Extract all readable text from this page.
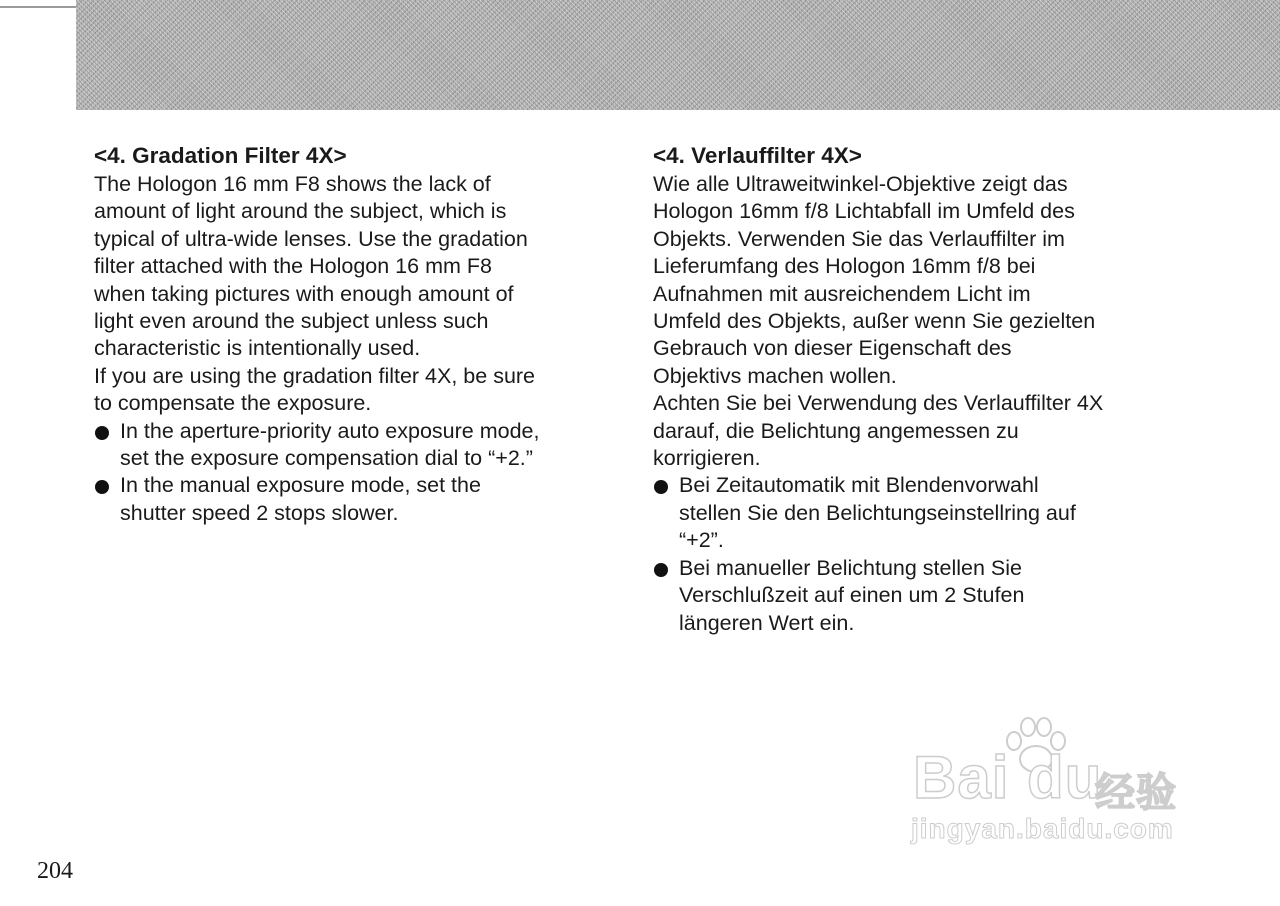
<4. Gradation Filter 4X>
The Hologon 16 mm F8 shows the lack of
amount of light around the subject, which is
typical of ultra-wide lenses. Use the gradation
filter attached with the Hologon 16 mm F8
when taking pictures with enough amount of
light even around the subject unless such
characteristic is intentionally used.
If you are using the gradation filter 4X, be sure
to compensate the exposure.
In the aperture-priority auto exposure mode,
set the exposure compensation dial to “+2.”
In the manual exposure mode, set the
shutter speed 2 stops slower.
<4. Verlauffilter 4X>
Wie alle Ultraweitwinkel-Objektive zeigt das
Hologon 16mm f/8 Lichtabfall im Umfeld des
Objekts. Verwenden Sie das Verlauffilter im
Lieferumfang des Hologon 16mm f/8 bei
Aufnahmen mit ausreichendem Licht im
Umfeld des Objekts, außer wenn Sie gezielten
Gebrauch von dieser Eigenschaft des
Objektivs machen wollen.
Achten Sie bei Verwendung des Verlauffilter 4X
darauf, die Belichtung angemessen zu
korrigieren.
Bei Zeitautomatik mit Blendenvorwahl
stellen Sie den Belichtungseinstellring auf
“+2”.
Bei manueller Belichtung stellen Sie
Verschlußzeit auf einen um 2 Stufen
längeren Wert ein.
204
Bai du
经验
jingyan.baidu.com
